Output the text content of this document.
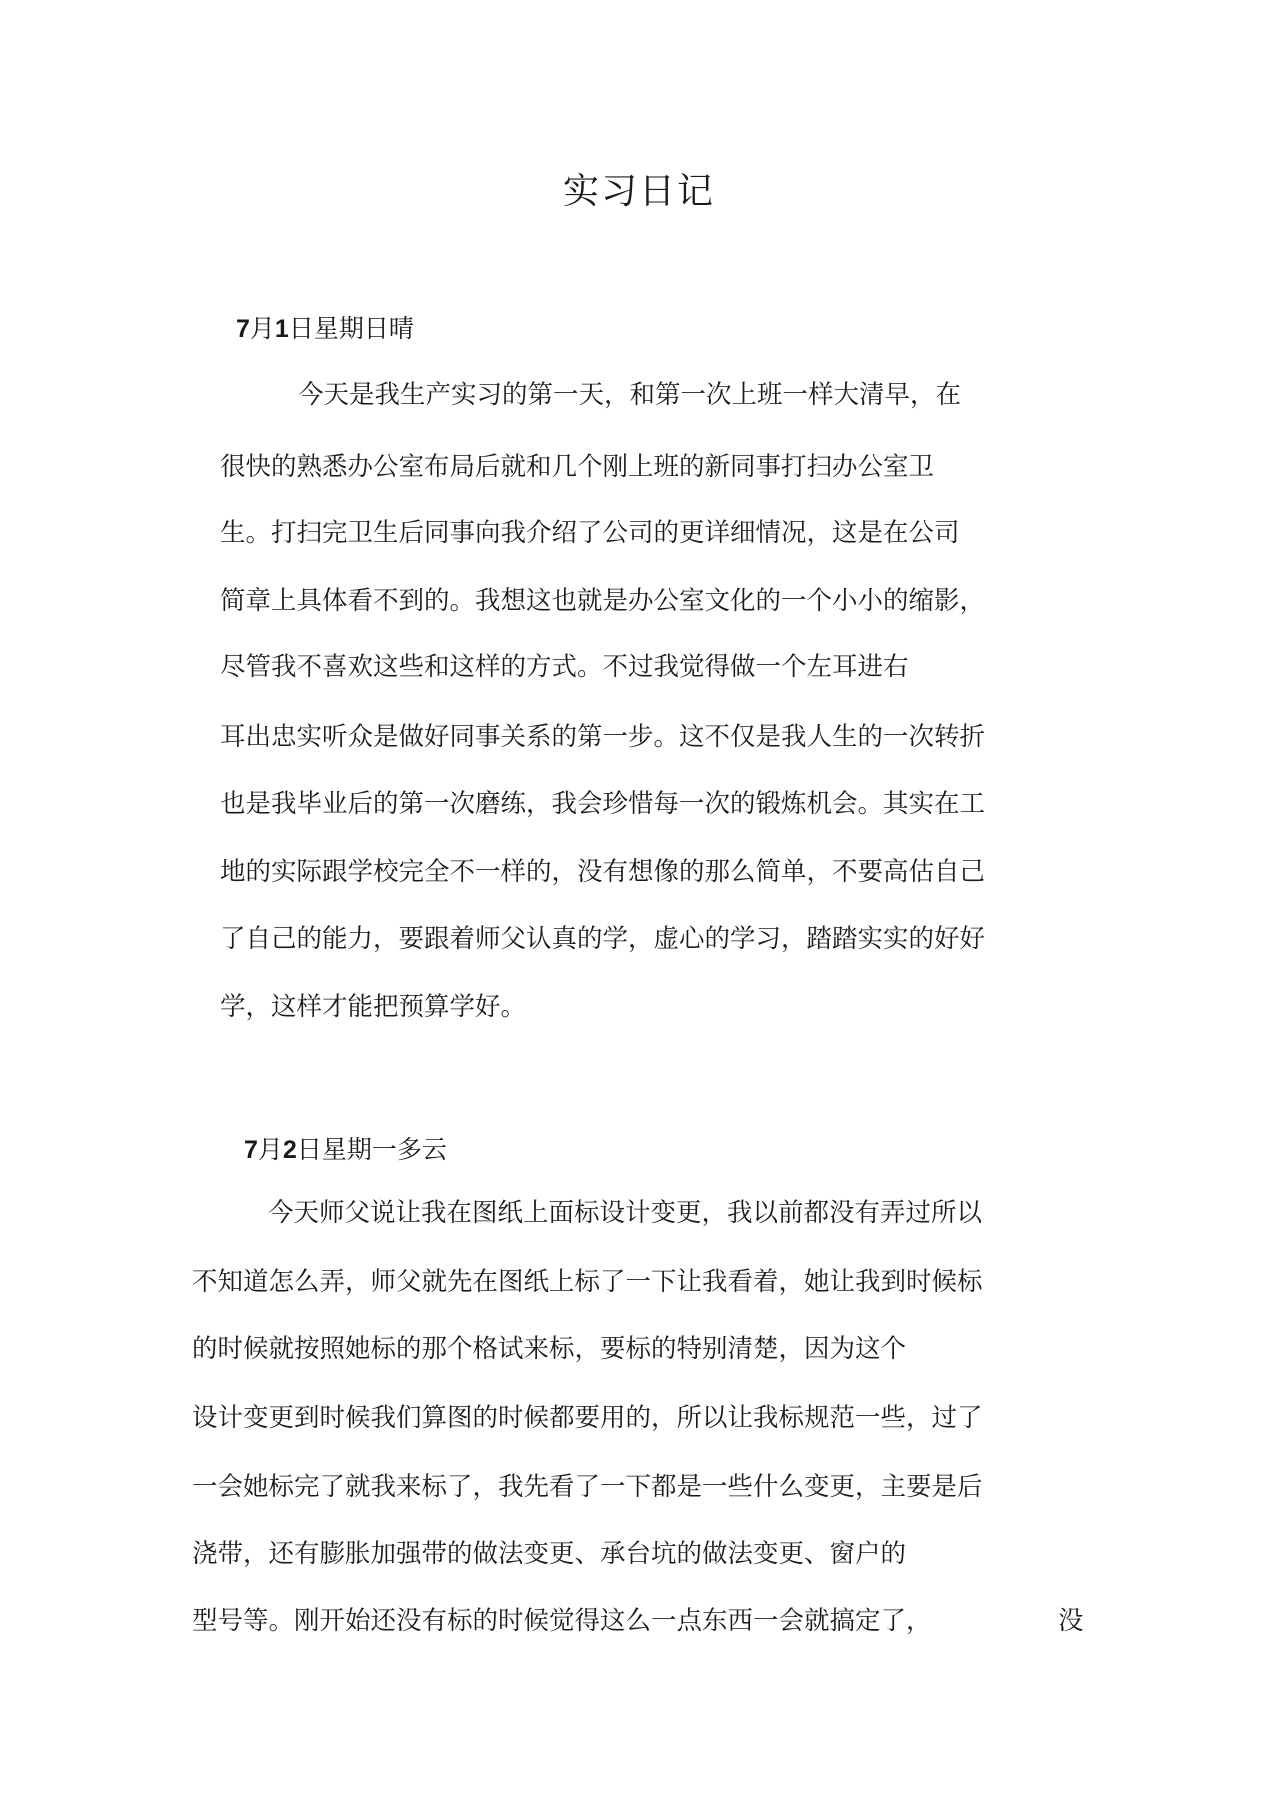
实习日记
7月1日星期日晴

今天是我生产实习的第一天，和第一次上班一样大清早，在

很快的熟悉办公室布局后就和几个刚上班的新同事打扫办公室卫

生。打扫完卫生后同事向我介绍了公司的更详细情况，这是在公司

简章上具体看不到的。我想这也就是办公室文化的一个小小的缩影，

尽管我不喜欢这些和这样的方式。不过我觉得做一个左耳进右

耳出忠实听众是做好同事关系的第一步。这不仅是我人生的一次转折

也是我毕业后的第一次磨练，我会珍惜每一次的锻炼机会。其实在工

地的实际跟学校完全不一样的，没有想像的那么简单，不要高估自己

了自己的能力，要跟着师父认真的学，虚心的学习，踏踏实实的好好

学，这样才能把预算学好。

7月2日星期一多云

今天师父说让我在图纸上面标设计变更，我以前都没有弄过所以

不知道怎么弄，师父就先在图纸上标了一下让我看着，她让我到时候标

的时候就按照她标的那个格试来标，要标的特别清楚，因为这个

设计变更到时候我们算图的时候都要用的，所以让我标规范一些，过了

一会她标完了就我来标了，我先看了一下都是一些什么变更，主要是后

浇带，还有膨胀加强带的做法变更、承台坑的做法变更、窗户的

型号等。刚开始还没有标的时候觉得这么一点东西一会就搞定了，	没
